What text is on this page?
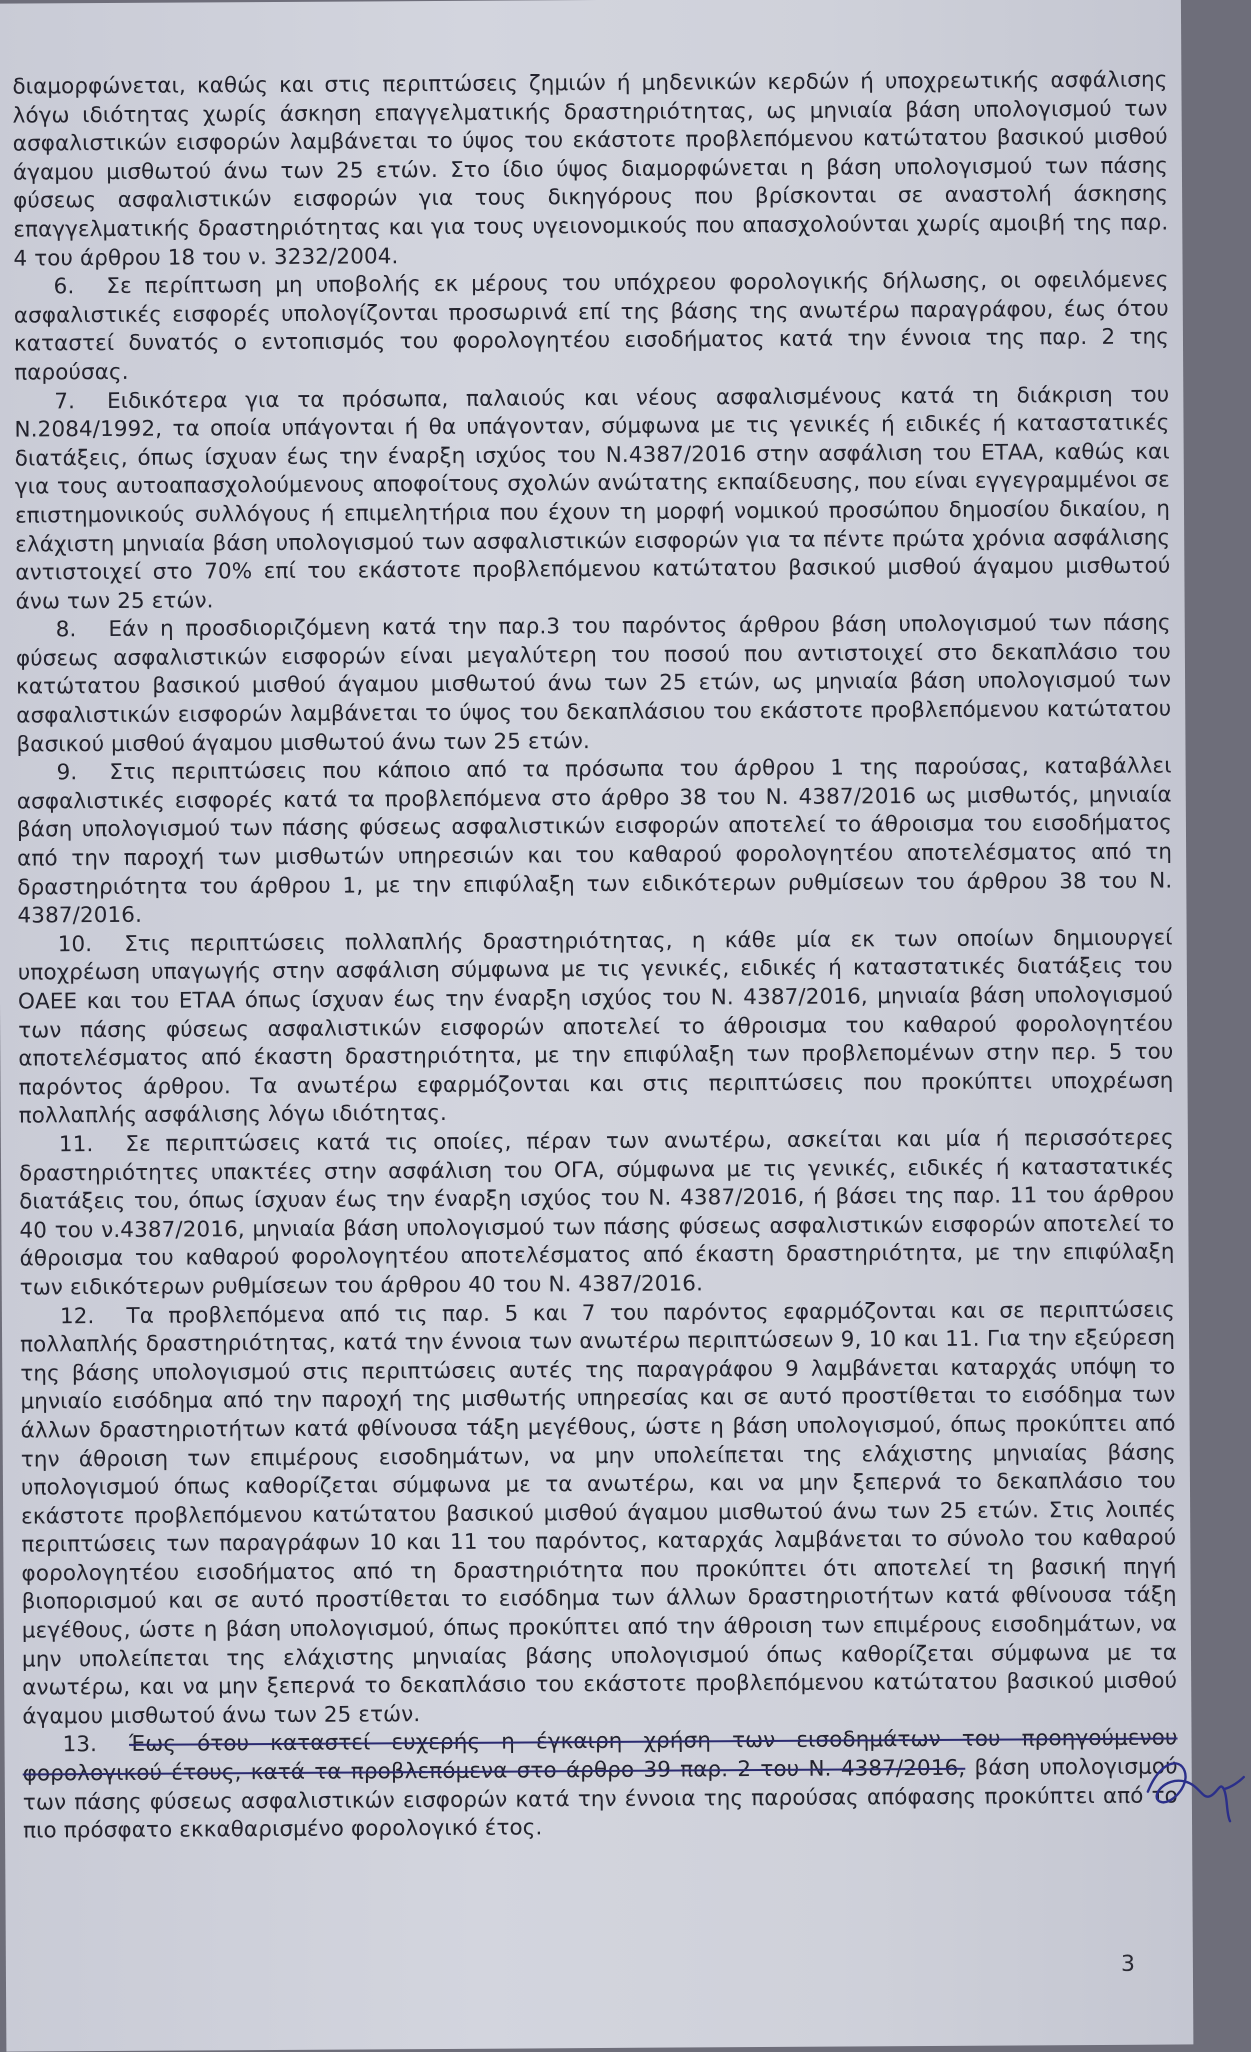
διαμορφώνεται, καθώς και στις περιπτώσεις ζημιών ή μηδενικών κερδών ή υποχρεωτικής ασφάλισης λόγω ιδιότητας χωρίς άσκηση επαγγελματικής δραστηριότητας, ως μηνιαία βάση υπολογισμού των ασφαλιστικών εισφορών λαμβάνεται το ύψος του εκάστοτε προβλεπόμενου κατώτατου βασικού μισθού άγαμου μισθωτού άνω των 25 ετών. Στο ίδιο ύψος διαμορφώνεται η βάση υπολογισμού των πάσης φύσεως ασφαλιστικών εισφορών για τους δικηγόρους που βρίσκονται σε αναστολή άσκησης επαγγελματικής δραστηριότητας και για τους υγειονομικούς που απασχολούνται χωρίς αμοιβή της παρ. 4 του άρθρου 18 του ν. 3232/2004.

6. Σε περίπτωση μη υποβολής εκ μέρους του υπόχρεου φορολογικής δήλωσης, οι οφειλόμενες ασφαλιστικές εισφορές υπολογίζονται προσωρινά επί της βάσης της ανωτέρω παραγράφου, έως ότου καταστεί δυνατός ο εντοπισμός του φορολογητέου εισοδήματος κατά την έννοια της παρ. 2 της παρούσας.

7. Ειδικότερα για τα πρόσωπα, παλαιούς και νέους ασφαλισμένους κατά τη διάκριση του Ν.2084/1992, τα οποία υπάγονται ή θα υπάγονταν, σύμφωνα με τις γενικές ή ειδικές ή καταστατικές διατάξεις, όπως ίσχυαν έως την έναρξη ισχύος του Ν.4387/2016 στην ασφάλιση του ΕΤΑΑ, καθώς και για τους αυτοαπασχολούμενους αποφοίτους σχολών ανώτατης εκπαίδευσης, που είναι εγγεγραμμένοι σε επιστημονικούς συλλόγους ή επιμελητήρια που έχουν τη μορφή νομικού προσώπου δημοσίου δικαίου, η ελάχιστη μηνιαία βάση υπολογισμού των ασφαλιστικών εισφορών για τα πέντε πρώτα χρόνια ασφάλισης αντιστοιχεί στο 70% επί του εκάστοτε προβλεπόμενου κατώτατου βασικού μισθού άγαμου μισθωτού άνω των 25 ετών.

8. Εάν η προσδιοριζόμενη κατά την παρ.3 του παρόντος άρθρου βάση υπολογισμού των πάσης φύσεως ασφαλιστικών εισφορών είναι μεγαλύτερη του ποσού που αντιστοιχεί στο δεκαπλάσιο του κατώτατου βασικού μισθού άγαμου μισθωτού άνω των 25 ετών, ως μηνιαία βάση υπολογισμού των ασφαλιστικών εισφορών λαμβάνεται το ύψος του δεκαπλάσιου του εκάστοτε προβλεπόμενου κατώτατου βασικού μισθού άγαμου μισθωτού άνω των 25 ετών.

9. Στις περιπτώσεις που κάποιο από τα πρόσωπα του άρθρου 1 της παρούσας, καταβάλλει ασφαλιστικές εισφορές κατά τα προβλεπόμενα στο άρθρο 38 του Ν. 4387/2016 ως μισθωτός, μηνιαία βάση υπολογισμού των πάσης φύσεως ασφαλιστικών εισφορών αποτελεί το άθροισμα του εισοδήματος από την παροχή των μισθωτών υπηρεσιών και του καθαρού φορολογητέου αποτελέσματος από τη δραστηριότητα του άρθρου 1, με την επιφύλαξη των ειδικότερων ρυθμίσεων του άρθρου 38 του Ν. 4387/2016.

10. Στις περιπτώσεις πολλαπλής δραστηριότητας, η κάθε μία εκ των οποίων δημιουργεί υποχρέωση υπαγωγής στην ασφάλιση σύμφωνα με τις γενικές, ειδικές ή καταστατικές διατάξεις του ΟΑΕΕ και του ΕΤΑΑ όπως ίσχυαν έως την έναρξη ισχύος του Ν. 4387/2016, μηνιαία βάση υπολογισμού των πάσης φύσεως ασφαλιστικών εισφορών αποτελεί το άθροισμα του καθαρού φορολογητέου αποτελέσματος από έκαστη δραστηριότητα, με την επιφύλαξη των προβλεπομένων στην περ. 5 του παρόντος άρθρου. Τα ανωτέρω εφαρμόζονται και στις περιπτώσεις που προκύπτει υποχρέωση πολλαπλής ασφάλισης λόγω ιδιότητας.

11. Σε περιπτώσεις κατά τις οποίες, πέραν των ανωτέρω, ασκείται και μία ή περισσότερες δραστηριότητες υπακτέες στην ασφάλιση του ΟΓΑ, σύμφωνα με τις γενικές, ειδικές ή καταστατικές διατάξεις του, όπως ίσχυαν έως την έναρξη ισχύος του Ν. 4387/2016, ή βάσει της παρ. 11 του άρθρου 40 του ν.4387/2016, μηνιαία βάση υπολογισμού των πάσης φύσεως ασφαλιστικών εισφορών αποτελεί το άθροισμα του καθαρού φορολογητέου αποτελέσματος από έκαστη δραστηριότητα, με την επιφύλαξη των ειδικότερων ρυθμίσεων του άρθρου 40 του Ν. 4387/2016.

12. Τα προβλεπόμενα από τις παρ. 5 και 7 του παρόντος εφαρμόζονται και σε περιπτώσεις πολλαπλής δραστηριότητας, κατά την έννοια των ανωτέρω περιπτώσεων 9, 10 και 11. Για την εξεύρεση της βάσης υπολογισμού στις περιπτώσεις αυτές της παραγράφου 9 λαμβάνεται καταρχάς υπόψη το μηνιαίο εισόδημα από την παροχή της μισθωτής υπηρεσίας και σε αυτό προστίθεται το εισόδημα των άλλων δραστηριοτήτων κατά φθίνουσα τάξη μεγέθους, ώστε η βάση υπολογισμού, όπως προκύπτει από την άθροιση των επιμέρους εισοδημάτων, να μην υπολείπεται της ελάχιστης μηνιαίας βάσης υπολογισμού όπως καθορίζεται σύμφωνα με τα ανωτέρω, και να μην ξεπερνά το δεκαπλάσιο του εκάστοτε προβλεπόμενου κατώτατου βασικού μισθού άγαμου μισθωτού άνω των 25 ετών. Στις λοιπές περιπτώσεις των παραγράφων 10 και 11 του παρόντος, καταρχάς λαμβάνεται το σύνολο του καθαρού φορολογητέου εισοδήματος από τη δραστηριότητα που προκύπτει ότι αποτελεί τη βασική πηγή βιοπορισμού και σε αυτό προστίθεται το εισόδημα των άλλων δραστηριοτήτων κατά φθίνουσα τάξη μεγέθους, ώστε η βάση υπολογισμού, όπως προκύπτει από την άθροιση των επιμέρους εισοδημάτων, να μην υπολείπεται της ελάχιστης μηνιαίας βάσης υπολογισμού όπως καθορίζεται σύμφωνα με τα ανωτέρω, και να μην ξεπερνά το δεκαπλάσιο του εκάστοτε προβλεπόμενου κατώτατου βασικού μισθού άγαμου μισθωτού άνω των 25 ετών.

13. Έως ότου καταστεί ευχερής η έγκαιρη χρήση των εισοδημάτων του προηγούμενου φορολογικού έτους, κατά τα προβλεπόμενα στο άρθρο 39 παρ. 2 του Ν. 4387/2016, βάση υπολογισμού των πάσης φύσεως ασφαλιστικών εισφορών κατά την έννοια της παρούσας απόφασης προκύπτει από το πιο πρόσφατο εκκαθαρισμένο φορολογικό έτος.

3
